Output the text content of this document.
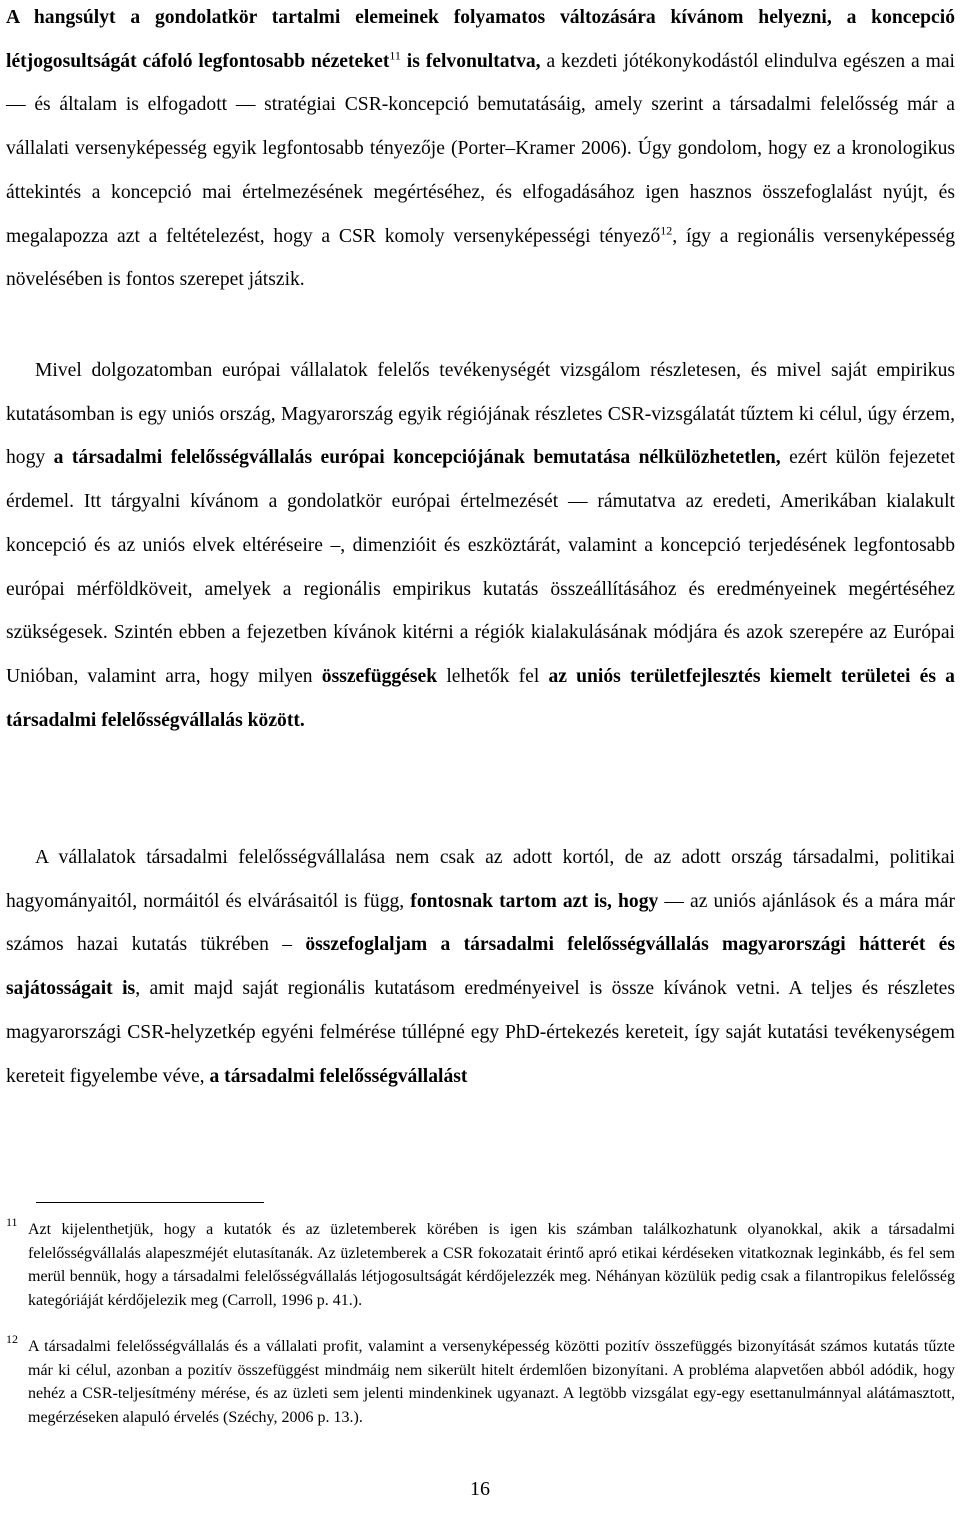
A hangsúlyt a gondolatkör tartalmi elemeinek folyamatos változására kívánom helyezni, a koncepció létjogosultságát cáfoló legfontosabb nézeteket$^{11}$ is felvonultatva, a kezdeti jótékonykodástól elindulva egészen a mai — és általam is elfogadott — stratégiai CSR-koncepció bemutatásáig, amely szerint a társadalmi felelősség már a vállalati versenyképesség egyik legfontosabb tényezője (Porter–Kramer 2006). Úgy gondolom, hogy ez a kronologikus áttekintés a koncepció mai értelmezésének megértéséhez, és elfogadásához igen hasznos összefoglalást nyújt, és megalapozza azt a feltételezést, hogy a CSR komoly versenyképességi tényező$^{12}$, így a regionális versenyképesség növelésében is fontos szerepet játszik.

Mivel dolgozatomban európai vállalatok felelős tevékenységét vizsgálom részletesen, és mivel saját empirikus kutatásomban is egy uniós ország, Magyarország egyik régiójának részletes CSR-vizsgálatát tűztem ki célul, úgy érzem, hogy a társadalmi felelősségvállalás európai koncepciójának bemutatása nélkülözhetetlen, ezért külön fejezetet érdemel. Itt tárgyalni kívánom a gondolatkör európai értelmezését — rámutatva az eredeti, Amerikában kialakult koncepció és az uniós elvek eltéréseire –, dimenzióit és eszköztárát, valamint a koncepció terjedésének legfontosabb európai mérföldköveit, amelyek a regionális empirikus kutatás összeállításához és eredményeinek megértéséhez szükségesek. Szintén ebben a fejezetben kívánok kitérni a régiók kialakulásának módjára és azok szerepére az Európai Unióban, valamint arra, hogy milyen összefüggések lelhetők fel az uniós területfejlesztés kiemelt területei és a társadalmi felelősségvállalás között.

A vállalatok társadalmi felelősségvállalása nem csak az adott kortól, de az adott ország társadalmi, politikai hagyományaitól, normáitól és elvárásaitól is függ, fontosnak tartom azt is, hogy — az uniós ajánlások és a mára már számos hazai kutatás tükrében – összefoglaljam a társadalmi felelősségvállalás magyarországi hátterét és sajátosságait is, amit majd saját regionális kutatásom eredményeivel is össze kívánok vetni. A teljes és részletes magyarországi CSR-helyzetkép egyéni felmérése túllépné egy PhD-értekezés kereteit, így saját kutatási tevékenységem kereteit figyelembe véve, a társadalmi felelősségvállalást

11 Azt kijelenthetjük, hogy a kutatók és az üzletemberek körében is igen kis számban találkozhatunk olyanokkal, akik a társadalmi felelősségvállalás alapeszméjét elutasítanák. Az üzletemberek a CSR fokozatait érintő apró etikai kérdéseken vitatkoznak leginkább, és fel sem merül bennük, hogy a társadalmi felelősségvállalás létjogosultságát kérdőjelezzék meg. Néhányan közülük pedig csak a filantropikus felelősség kategóriáját kérdőjelezik meg (Carroll, 1996 p. 41.).
12 A társadalmi felelősségvállalás és a vállalati profit, valamint a versenyképesség közötti pozitív összefüggés bizonyítását számos kutatás tűzte már ki célul, azonban a pozitív összefüggést mindmáig nem sikerült hitelt érdemlően bizonyítani. A probléma alapvetően abból adódik, hogy nehéz a CSR-teljesítmény mérése, és az üzleti sem jelenti mindenkinek ugyanazt. A legtöbb vizsgálat egy-egy esettanulmánnyal alátámasztott, megérzéseken alapuló érvelés (Széchy, 2006 p. 13.).
16
